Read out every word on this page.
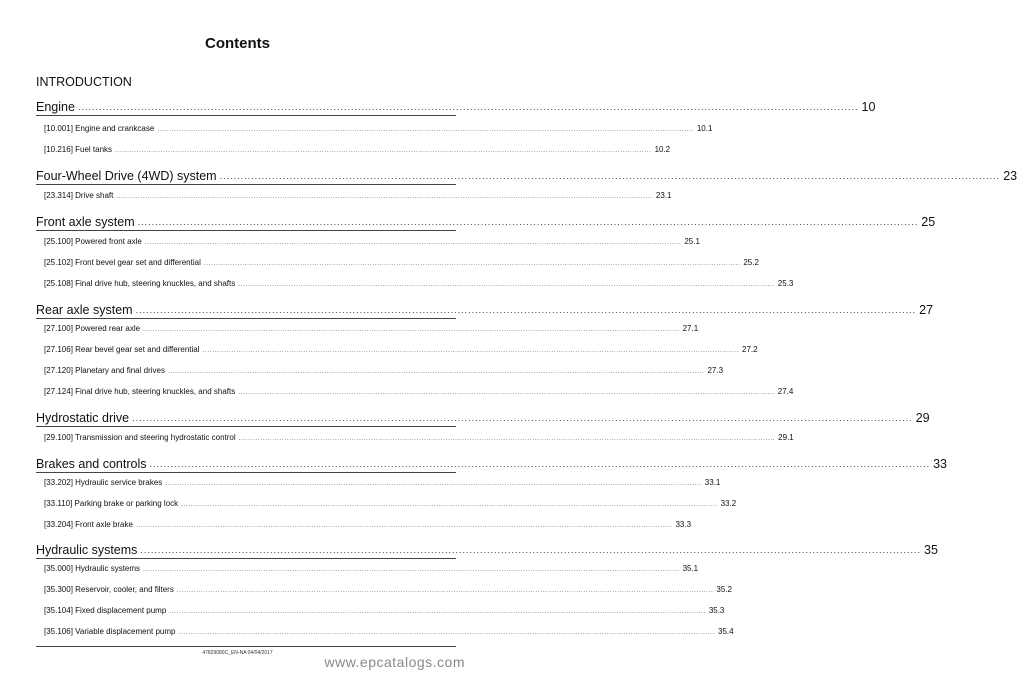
Contents
INTRODUCTION
Engine ............................................................................................................................................................................................................................... 10
[10.001] Engine and crankcase ............................................................................................................................................................................................................................... 10.1
[10.216] Fuel tanks ............................................................................................................................................................................................................................... 10.2
Four-Wheel Drive (4WD) system ............................................................................................................................................................................................................................... 23
[23.314] Drive shaft ............................................................................................................................................................................................................................... 23.1
Front axle system ............................................................................................................................................................................................................................... 25
[25.100] Powered front axle ............................................................................................................................................................................................................................... 25.1
[25.102] Front bevel gear set and differential ............................................................................................................................................................................................................................... 25.2
[25.108] Final drive hub, steering knuckles, and shafts ............................................................................................................................................................................................................................... 25.3
Rear axle system ............................................................................................................................................................................................................................... 27
[27.100] Powered rear axle ............................................................................................................................................................................................................................... 27.1
[27.106] Rear bevel gear set and differential ............................................................................................................................................................................................................................... 27.2
[27.120] Planetary and final drives ............................................................................................................................................................................................................................... 27.3
[27.124] Final drive hub, steering knuckles, and shafts ............................................................................................................................................................................................................................... 27.4
Hydrostatic drive ............................................................................................................................................................................................................................... 29
[29.100] Transmission and steering hydrostatic control ............................................................................................................................................................................................................................... 29.1
Brakes and controls ............................................................................................................................................................................................................................... 33
[33.202] Hydraulic service brakes ............................................................................................................................................................................................................................... 33.1
[33.110] Parking brake or parking lock ............................................................................................................................................................................................................................... 33.2
[33.204] Front axle brake ............................................................................................................................................................................................................................... 33.3
Hydraulic systems ............................................................................................................................................................................................................................... 35
[35.000] Hydraulic systems ............................................................................................................................................................................................................................... 35.1
[35.300] Reservoir, cooler, and filters ............................................................................................................................................................................................................................... 35.2
[35.104] Fixed displacement pump ............................................................................................................................................................................................................................... 35.3
[35.106] Variable displacement pump ............................................................................................................................................................................................................................... 35.4
47829080C_EN-NA 04/04/2017
www.epcatalogs.com
